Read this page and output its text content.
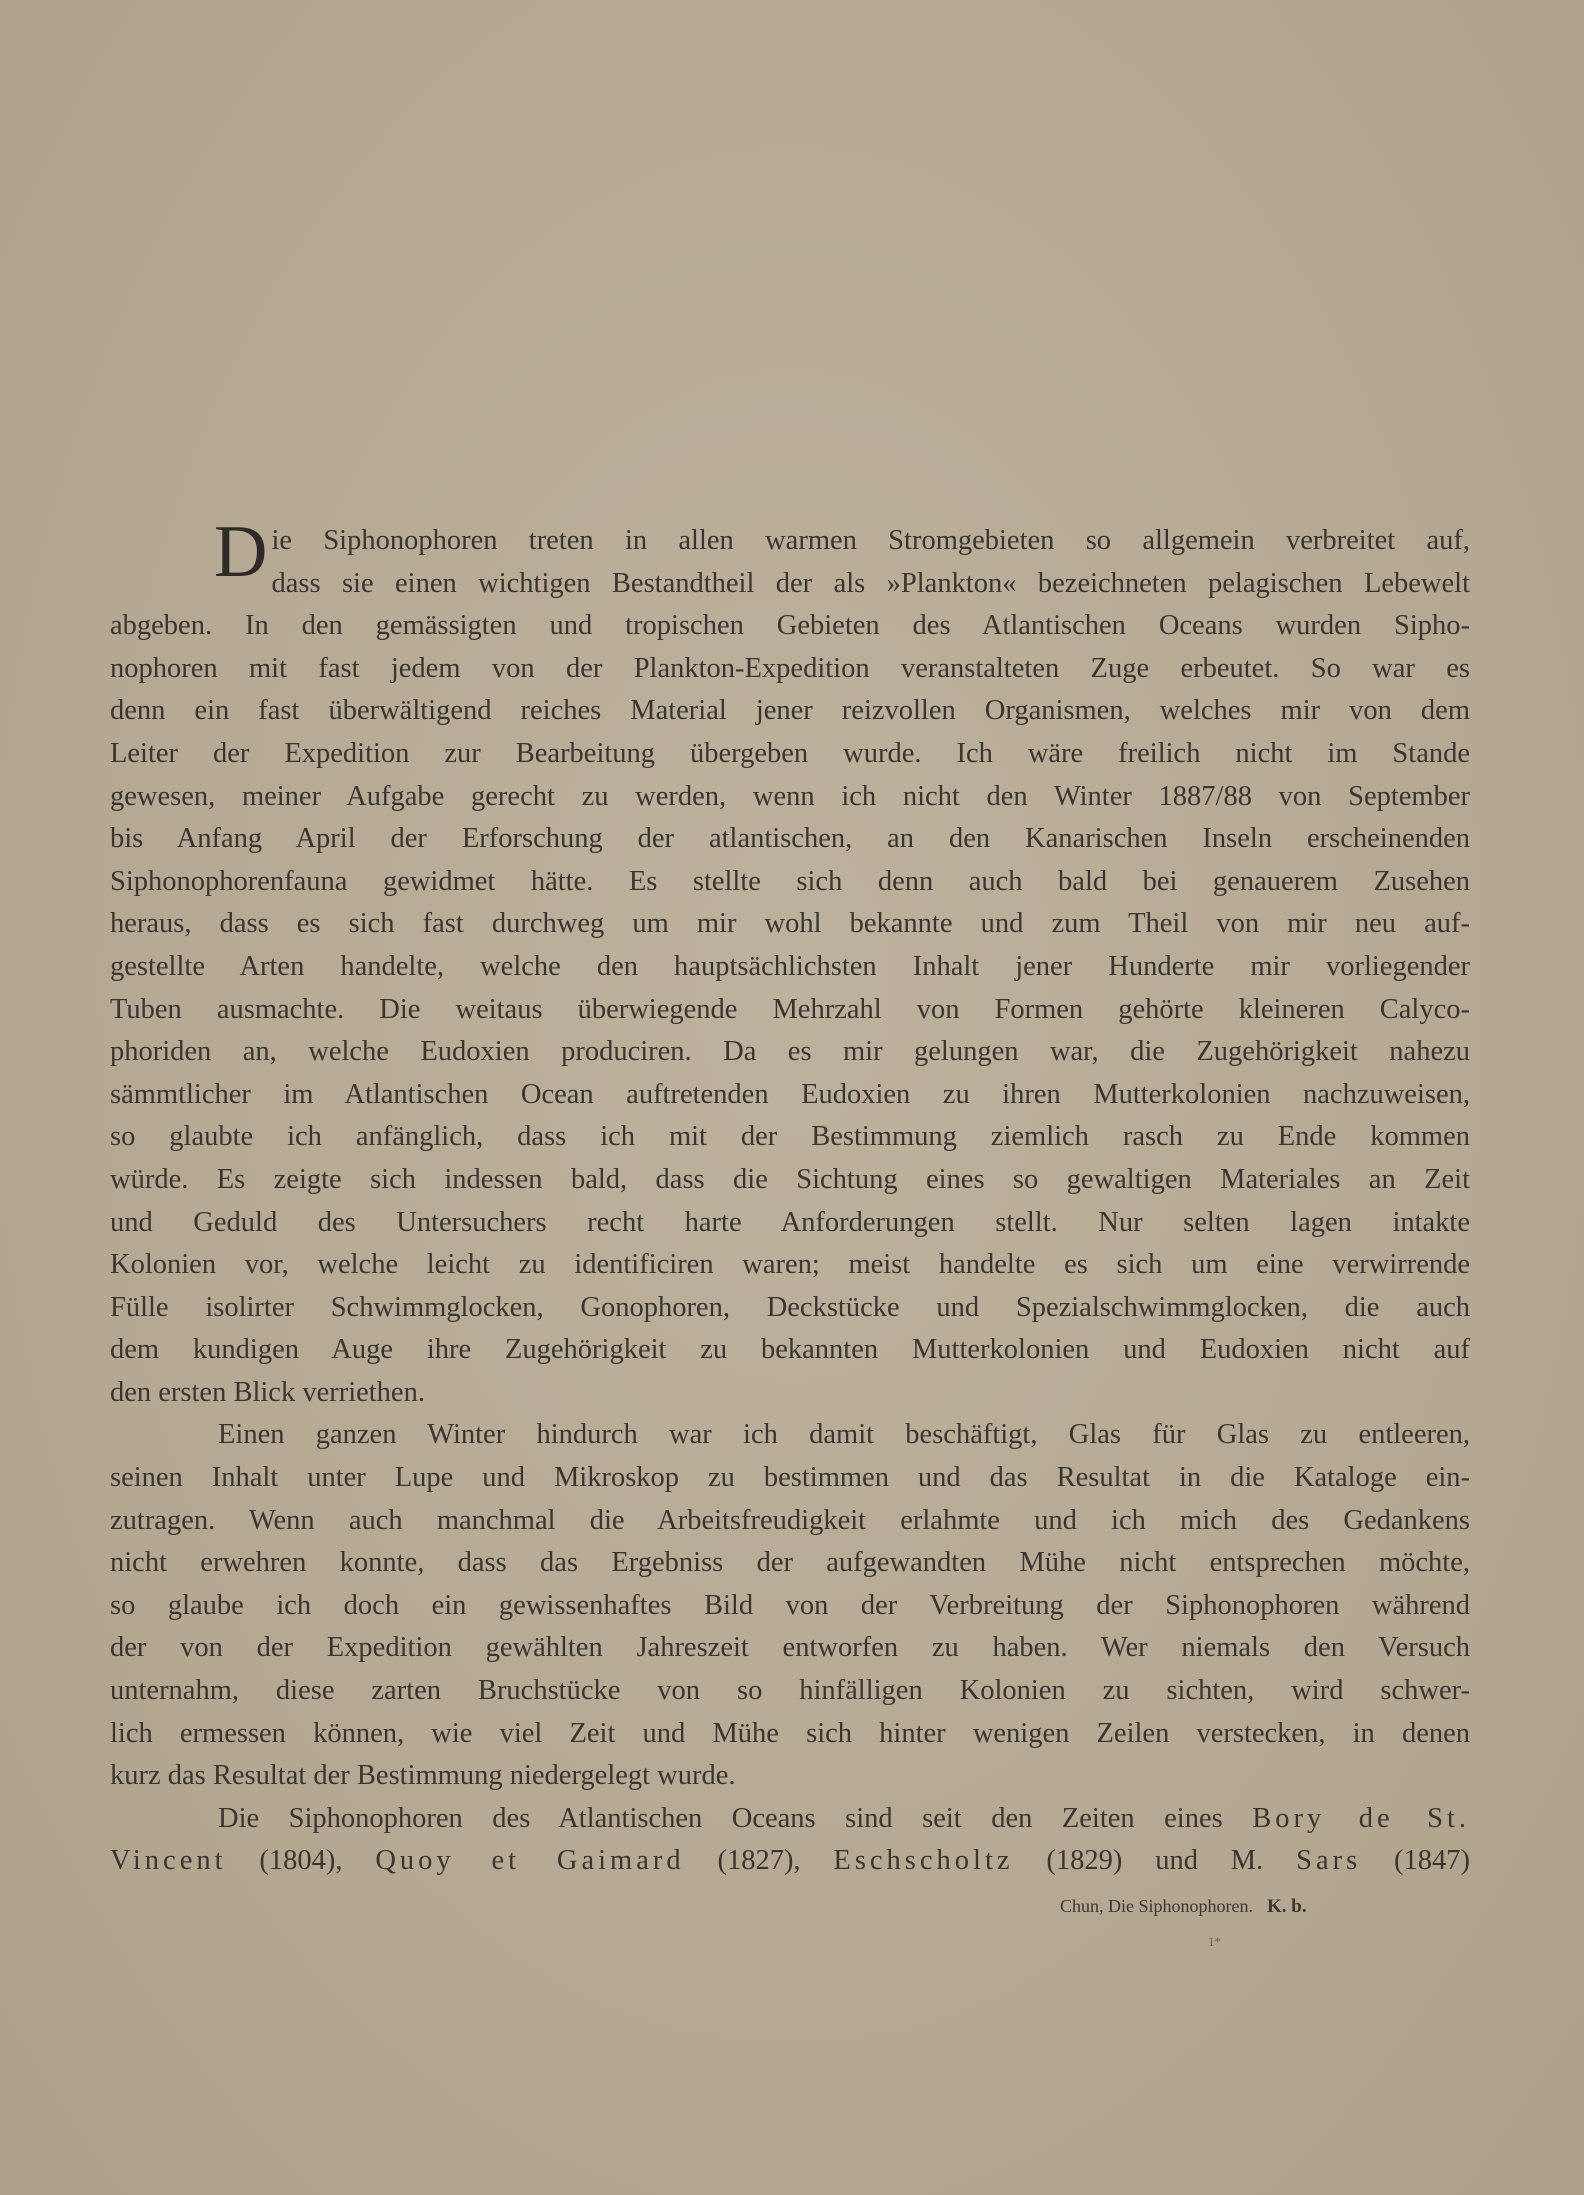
D ie Siphonophoren treten in allen warmen Stromgebieten so allgemein verbreitet auf,
dass sie einen wichtigen Bestandtheil der als »Plankton« bezeichneten pelagischen Lebewelt
abgeben. In den gemässigten und tropischen Gebieten des Atlantischen Oceans wurden Sipho-
nophoren mit fast jedem von der Plankton-Expedition veranstalteten Zuge erbeutet. So war es
denn ein fast überwältigend reiches Material jener reizvollen Organismen, welches mir von dem
Leiter der Expedition zur Bearbeitung übergeben wurde. Ich wäre freilich nicht im Stande
gewesen, meiner Aufgabe gerecht zu werden, wenn ich nicht den Winter 1887/88 von September
bis Anfang April der Erforschung der atlantischen, an den Kanarischen Inseln erscheinenden
Siphonophorenfauna gewidmet hätte. Es stellte sich denn auch bald bei genauerem Zusehen
heraus, dass es sich fast durchweg um mir wohl bekannte und zum Theil von mir neu auf-
gestellte Arten handelte, welche den hauptsächlichsten Inhalt jener Hunderte mir vorliegender
Tuben ausmachte. Die weitaus überwiegende Mehrzahl von Formen gehörte kleineren Calyco-
phoriden an, welche Eudoxien produciren. Da es mir gelungen war, die Zugehörigkeit nahezu
sämmtlicher im Atlantischen Ocean auftretenden Eudoxien zu ihren Mutterkolonien nachzuweisen,
so glaubte ich anfänglich, dass ich mit der Bestimmung ziemlich rasch zu Ende kommen
würde. Es zeigte sich indessen bald, dass die Sichtung eines so gewaltigen Materiales an Zeit
und Geduld des Untersuchers recht harte Anforderungen stellt. Nur selten lagen intakte
Kolonien vor, welche leicht zu identificiren waren; meist handelte es sich um eine verwirrende
Fülle isolirter Schwimmglocken, Gonophoren, Deckstücke und Spezialschwimmglocken, die auch
dem kundigen Auge ihre Zugehörigkeit zu bekannten Mutterkolonien und Eudoxien nicht auf
den ersten Blick verriethen.
Einen ganzen Winter hindurch war ich damit beschäftigt, Glas für Glas zu entleeren,
seinen Inhalt unter Lupe und Mikroskop zu bestimmen und das Resultat in die Kataloge ein-
zutragen. Wenn auch manchmal die Arbeitsfreudigkeit erlahmte und ich mich des Gedankens
nicht erwehren konnte, dass das Ergebniss der aufgewandten Mühe nicht entsprechen möchte,
so glaube ich doch ein gewissenhaftes Bild von der Verbreitung der Siphonophoren während
der von der Expedition gewählten Jahreszeit entworfen zu haben. Wer niemals den Versuch
unternahm, diese zarten Bruchstücke von so hinfälligen Kolonien zu sichten, wird schwer-
lich ermessen können, wie viel Zeit und Mühe sich hinter wenigen Zeilen verstecken, in denen
kurz das Resultat der Bestimmung niedergelegt wurde.
Die Siphonophoren des Atlantischen Oceans sind seit den Zeiten eines Bory de St.
Vincent (1804), Quoy et Gaimard (1827), Eschscholtz (1829) und M. Sars (1847)
Chun, Die Siphonophoren. K. b.
1*
